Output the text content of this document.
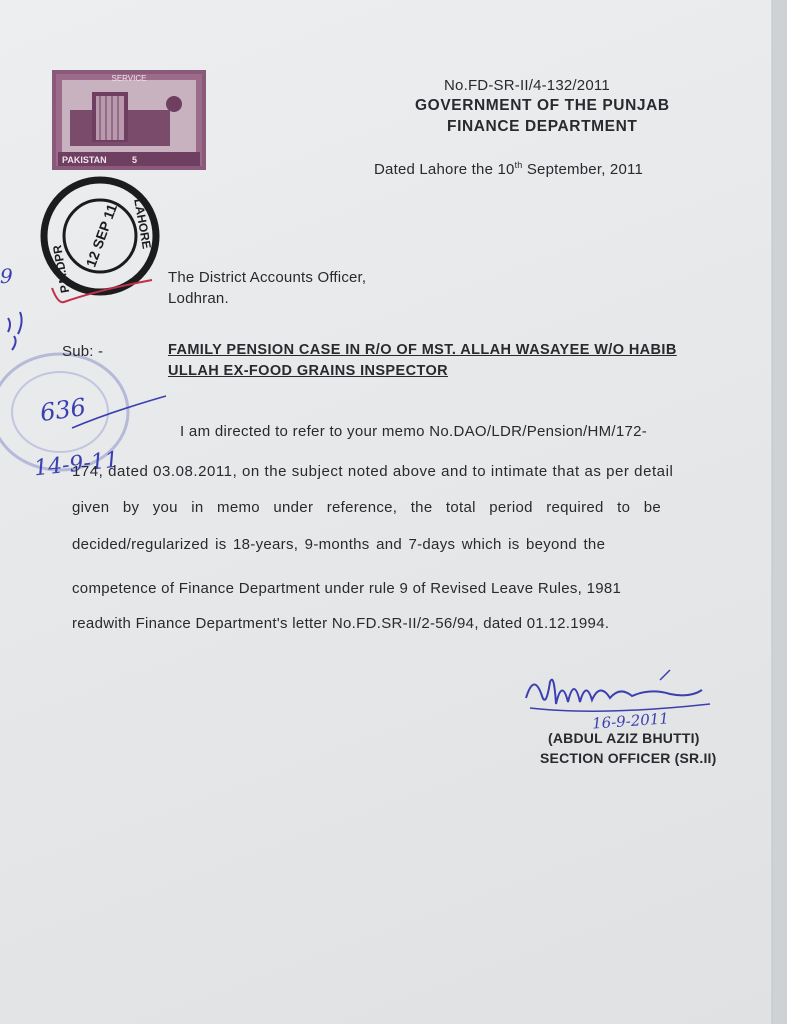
SERVICE
PAKISTAN	5
12 SEP 11
P.M.DPR
LAHORE
9
636
14-9-11
No.FD-SR-II/4-132/2011
GOVERNMENT OF THE PUNJAB
FINANCE DEPARTMENT
Dated Lahore the 10th September, 2011
The District Accounts Officer,
Lodhran.
Sub: -	FAMILY PENSION CASE IN R/O OF MST. ALLAH WASAYEE W/O HABIB
ULLAH EX-FOOD GRAINS INSPECTOR
I am directed to refer to your memo No.DAO/LDR/Pension/HM/172-
174, dated 03.08.2011, on the subject noted above and to intimate that as per detail
given by you in memo under reference, the total period required to be
decided/regularized is 18-years, 9-months and 7-days which is beyond the
competence of Finance Department under rule 9 of Revised Leave Rules, 1981
readwith Finance Department's letter No.FD.SR-II/2-56/94, dated 01.12.1994.
16-9-2011
(ABDUL AZIZ BHUTTI)
SECTION OFFICER (SR.II)
